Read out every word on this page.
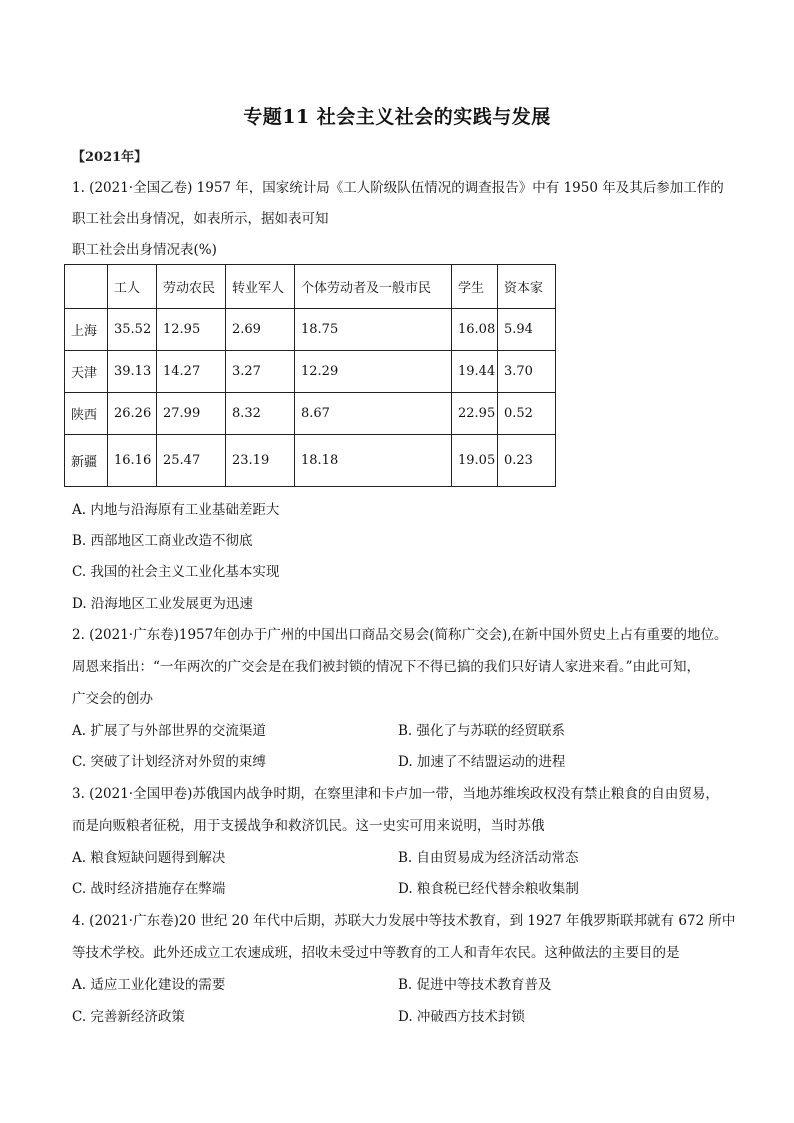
专题11 社会主义社会的实践与发展
【2021年】
1. (2021·全国乙卷) 1957 年，国家统计局《工人阶级队伍情况的调查报告》中有 1950 年及其后参加工作的
职工社会出身情况，如表所示，据如表可知
职工社会出身情况表(%)
	工人	劳动农民	转业军人	个体劳动者及一般市民	学生	资本家
上海	35.52	12.95	2.69	18.75	16.08	5.94
天津	39.13	14.27	3.27	12.29	19.44	3.70
陕西	26.26	27.99	8.32	8.67	22.95	0.52
新疆	16.16	25.47	23.19	18.18	19.05	0.23
A. 内地与沿海原有工业基础差距大
B. 西部地区工商业改造不彻底
C. 我国的社会主义工业化基本实现
D. 沿海地区工业发展更为迅速
2. (2021·广东卷)1957年创办于广州的中国出口商品交易会(简称广交会),在新中国外贸史上占有重要的地位。
周恩来指出：“一年两次的广交会是在我们被封锁的情况下不得已搞的我们只好请人家进来看。”由此可知，
广交会的创办
A. 扩展了与外部世界的交流渠道	B. 强化了与苏联的经贸联系
C. 突破了计划经济对外贸的束缚	D. 加速了不结盟运动的进程
3. (2021·全国甲卷)苏俄国内战争时期，在察里津和卡卢加一带，当地苏维埃政权没有禁止粮食的自由贸易，
而是向贩粮者征税，用于支援战争和救济饥民。这一史实可用来说明，当时苏俄
A. 粮食短缺问题得到解决	B. 自由贸易成为经济活动常态
C. 战时经济措施存在弊端	D. 粮食税已经代替余粮收集制
4. (2021·广东卷)20 世纪 20 年代中后期，苏联大力发展中等技术教育，到 1927 年俄罗斯联邦就有 672 所中
等技术学校。此外还成立工农速成班，招收未受过中等教育的工人和青年农民。这种做法的主要目的是
A. 适应工业化建设的需要	B. 促进中等技术教育普及
C. 完善新经济政策	D. 冲破西方技术封锁
